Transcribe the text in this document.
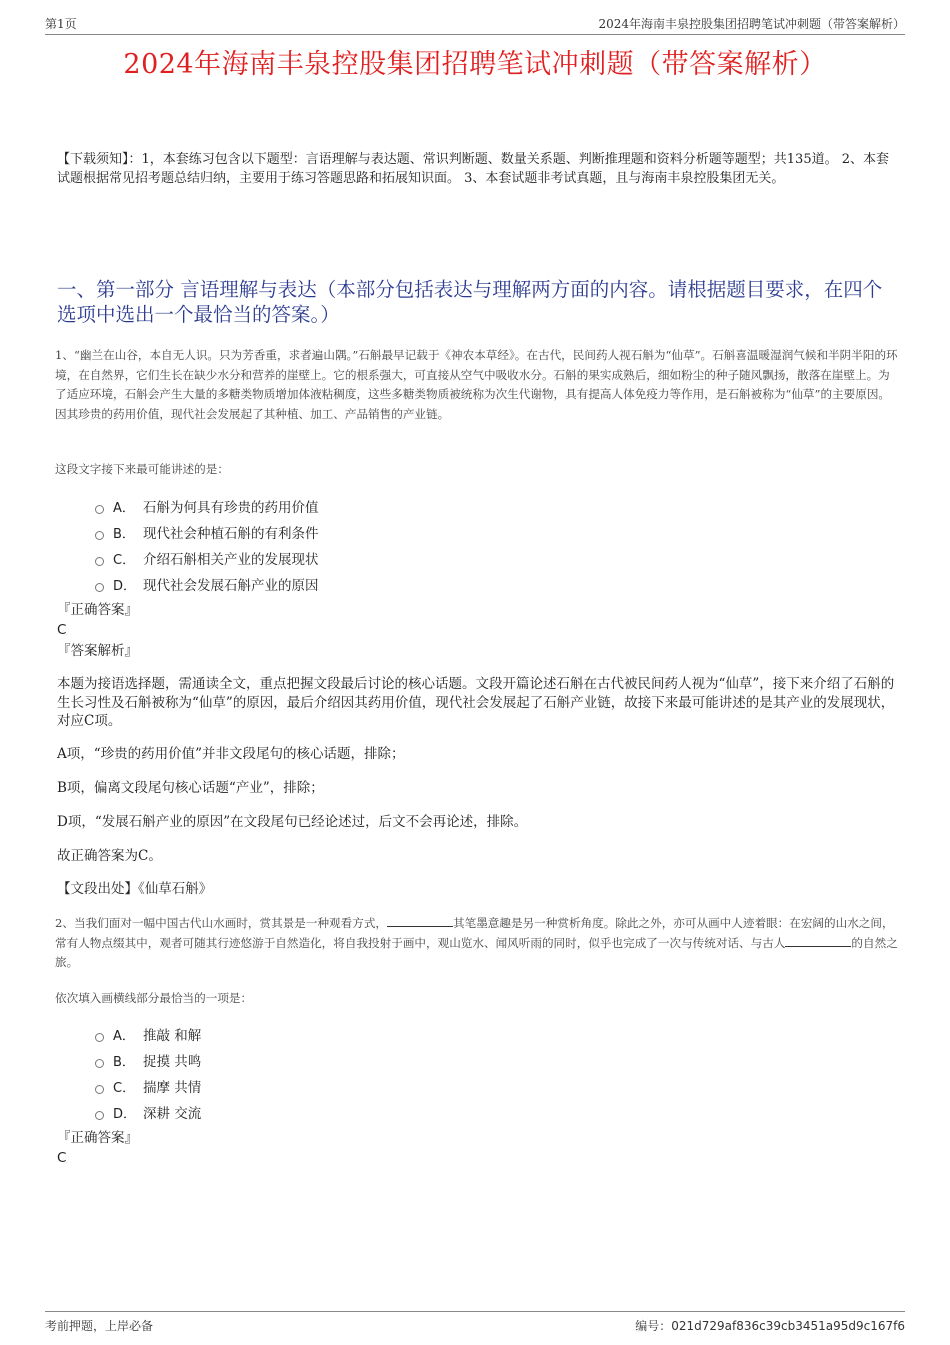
第1页	2024年海南丰泉控股集团招聘笔试冲刺题（带答案解析）
2024年海南丰泉控股集团招聘笔试冲刺题（带答案解析）
【下载须知】：1，本套练习包含以下题型：言语理解与表达题、常识判断题、数量关系题、判断推理题和资料分析题等题型；共135道。 2、本套试题根据常见招考题总结归纳，主要用于练习答题思路和拓展知识面。 3、本套试题非考试真题，且与海南丰泉控股集团无关。
一、第一部分 言语理解与表达（本部分包括表达与理解两方面的内容。请根据题目要求，在四个选项中选出一个最恰当的答案。）
1、“幽兰在山谷，本自无人识。只为芳香重，求者遍山隅。”石斛最早记载于《神农本草经》。在古代，民间药人视石斛为“仙草”。石斛喜温暖湿润气候和半阴半阳的环境，在自然界，它们生长在缺少水分和营养的崖壁上。它的根系强大，可直接从空气中吸收水分。石斛的果实成熟后，细如粉尘的种子随风飘扬，散落在崖壁上。为了适应环境，石斛会产生大量的多糖类物质增加体液粘稠度，这些多糖类物质被统称为次生代谢物，具有提高人体免疫力等作用，是石斛被称为“仙草”的主要原因。因其珍贵的药用价值，现代社会发展起了其种植、加工、产品销售的产业链。
这段文字接下来最可能讲述的是：
A． 石斛为何具有珍贵的药用价值
B． 现代社会种植石斛的有利条件
C． 介绍石斛相关产业的发展现状
D． 现代社会发展石斛产业的原因
『正确答案』
C
『答案解析』
本题为接语选择题，需通读全文，重点把握文段最后讨论的核心话题。文段开篇论述石斛在古代被民间药人视为“仙草”，接下来介绍了石斛的生长习性及石斛被称为“仙草”的原因，最后介绍因其药用价值，现代社会发展起了石斛产业链，故接下来最可能讲述的是其产业的发展现状，对应C项。
A项，“珍贵的药用价值”并非文段尾句的核心话题，排除；
B项，偏离文段尾句核心话题“产业”，排除；
D项，“发展石斛产业的原因”在文段尾句已经论述过，后文不会再论述，排除。
故正确答案为C。
【文段出处】《仙草石斛》
2、当我们面对一幅中国古代山水画时，赏其景是一种观看方式，	其笔墨意趣是另一种赏析角度。除此之外，亦可从画中人迹着眼：在宏阔的山水之间，常有人物点缀其中，观者可随其行迹悠游于自然造化，将自我投射于画中，观山览水、闻风听雨的同时，似乎也完成了一次与传统对话、与古人	的自然之旅。
依次填入画横线部分最恰当的一项是：
A． 推敲 和解
B． 捉摸 共鸣
C． 揣摩 共情
D． 深耕 交流
『正确答案』
C
考前押题，上岸必备	编号：021d729af836c39cb3451a95d9c167f6
